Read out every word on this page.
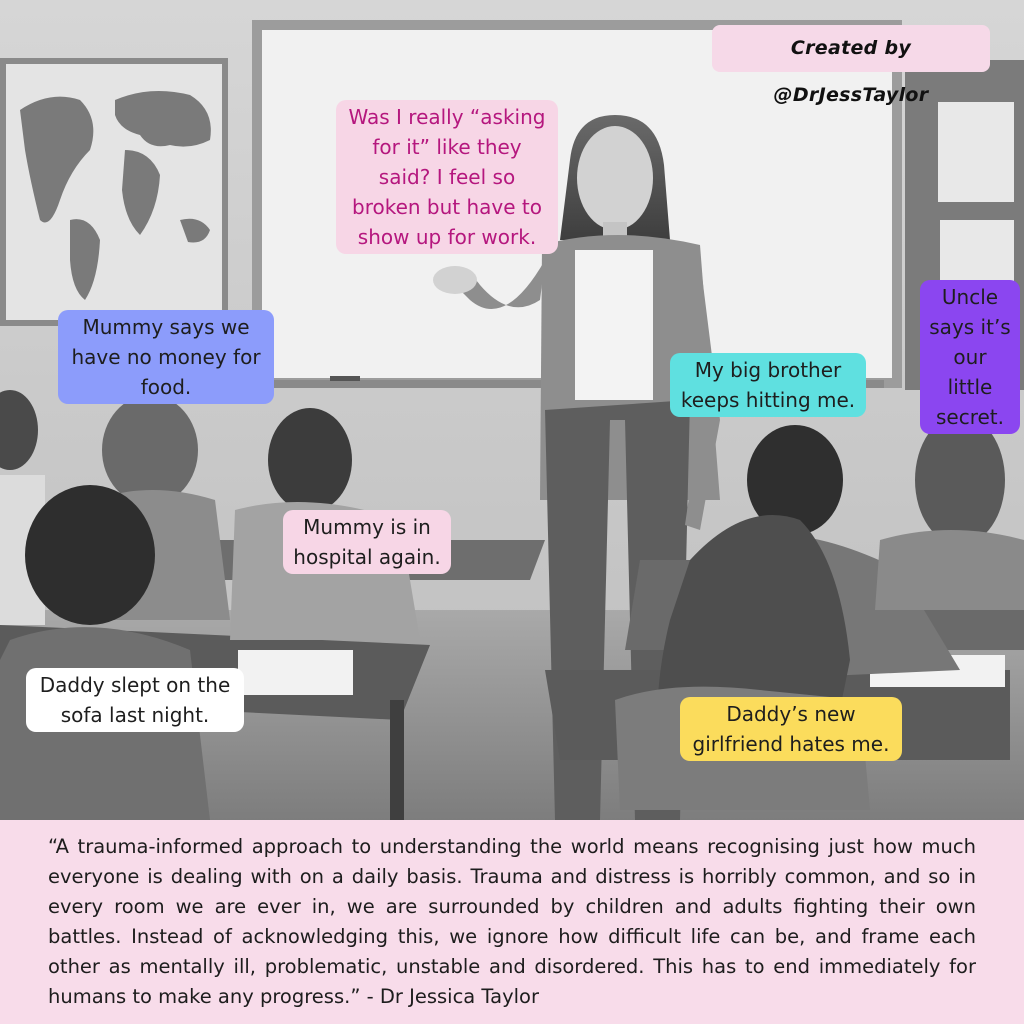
Created by @DrJessTaylor
Was I really “asking
for it” like they
said? I feel so
broken but have to
show up for work.
Mummy says we
have no money for
food.
My big brother
keeps hitting me.
Uncle
says it’s
our little
secret.
Mummy is in
hospital again.
Daddy slept on the
sofa last night.	Daddy’s new
girlfriend hates me.

“A trauma-informed approach to understanding the world means recognising just how much everyone is dealing with on a daily basis. Trauma and distress is horribly common, and so in every room we are ever in, we are surrounded by children and adults fighting their own battles. Instead of acknowledging this, we ignore how difficult life can be, and frame each other as mentally ill, problematic, unstable and disordered. This has to end immediately for humans to make any progress.” - Dr Jessica Taylor
